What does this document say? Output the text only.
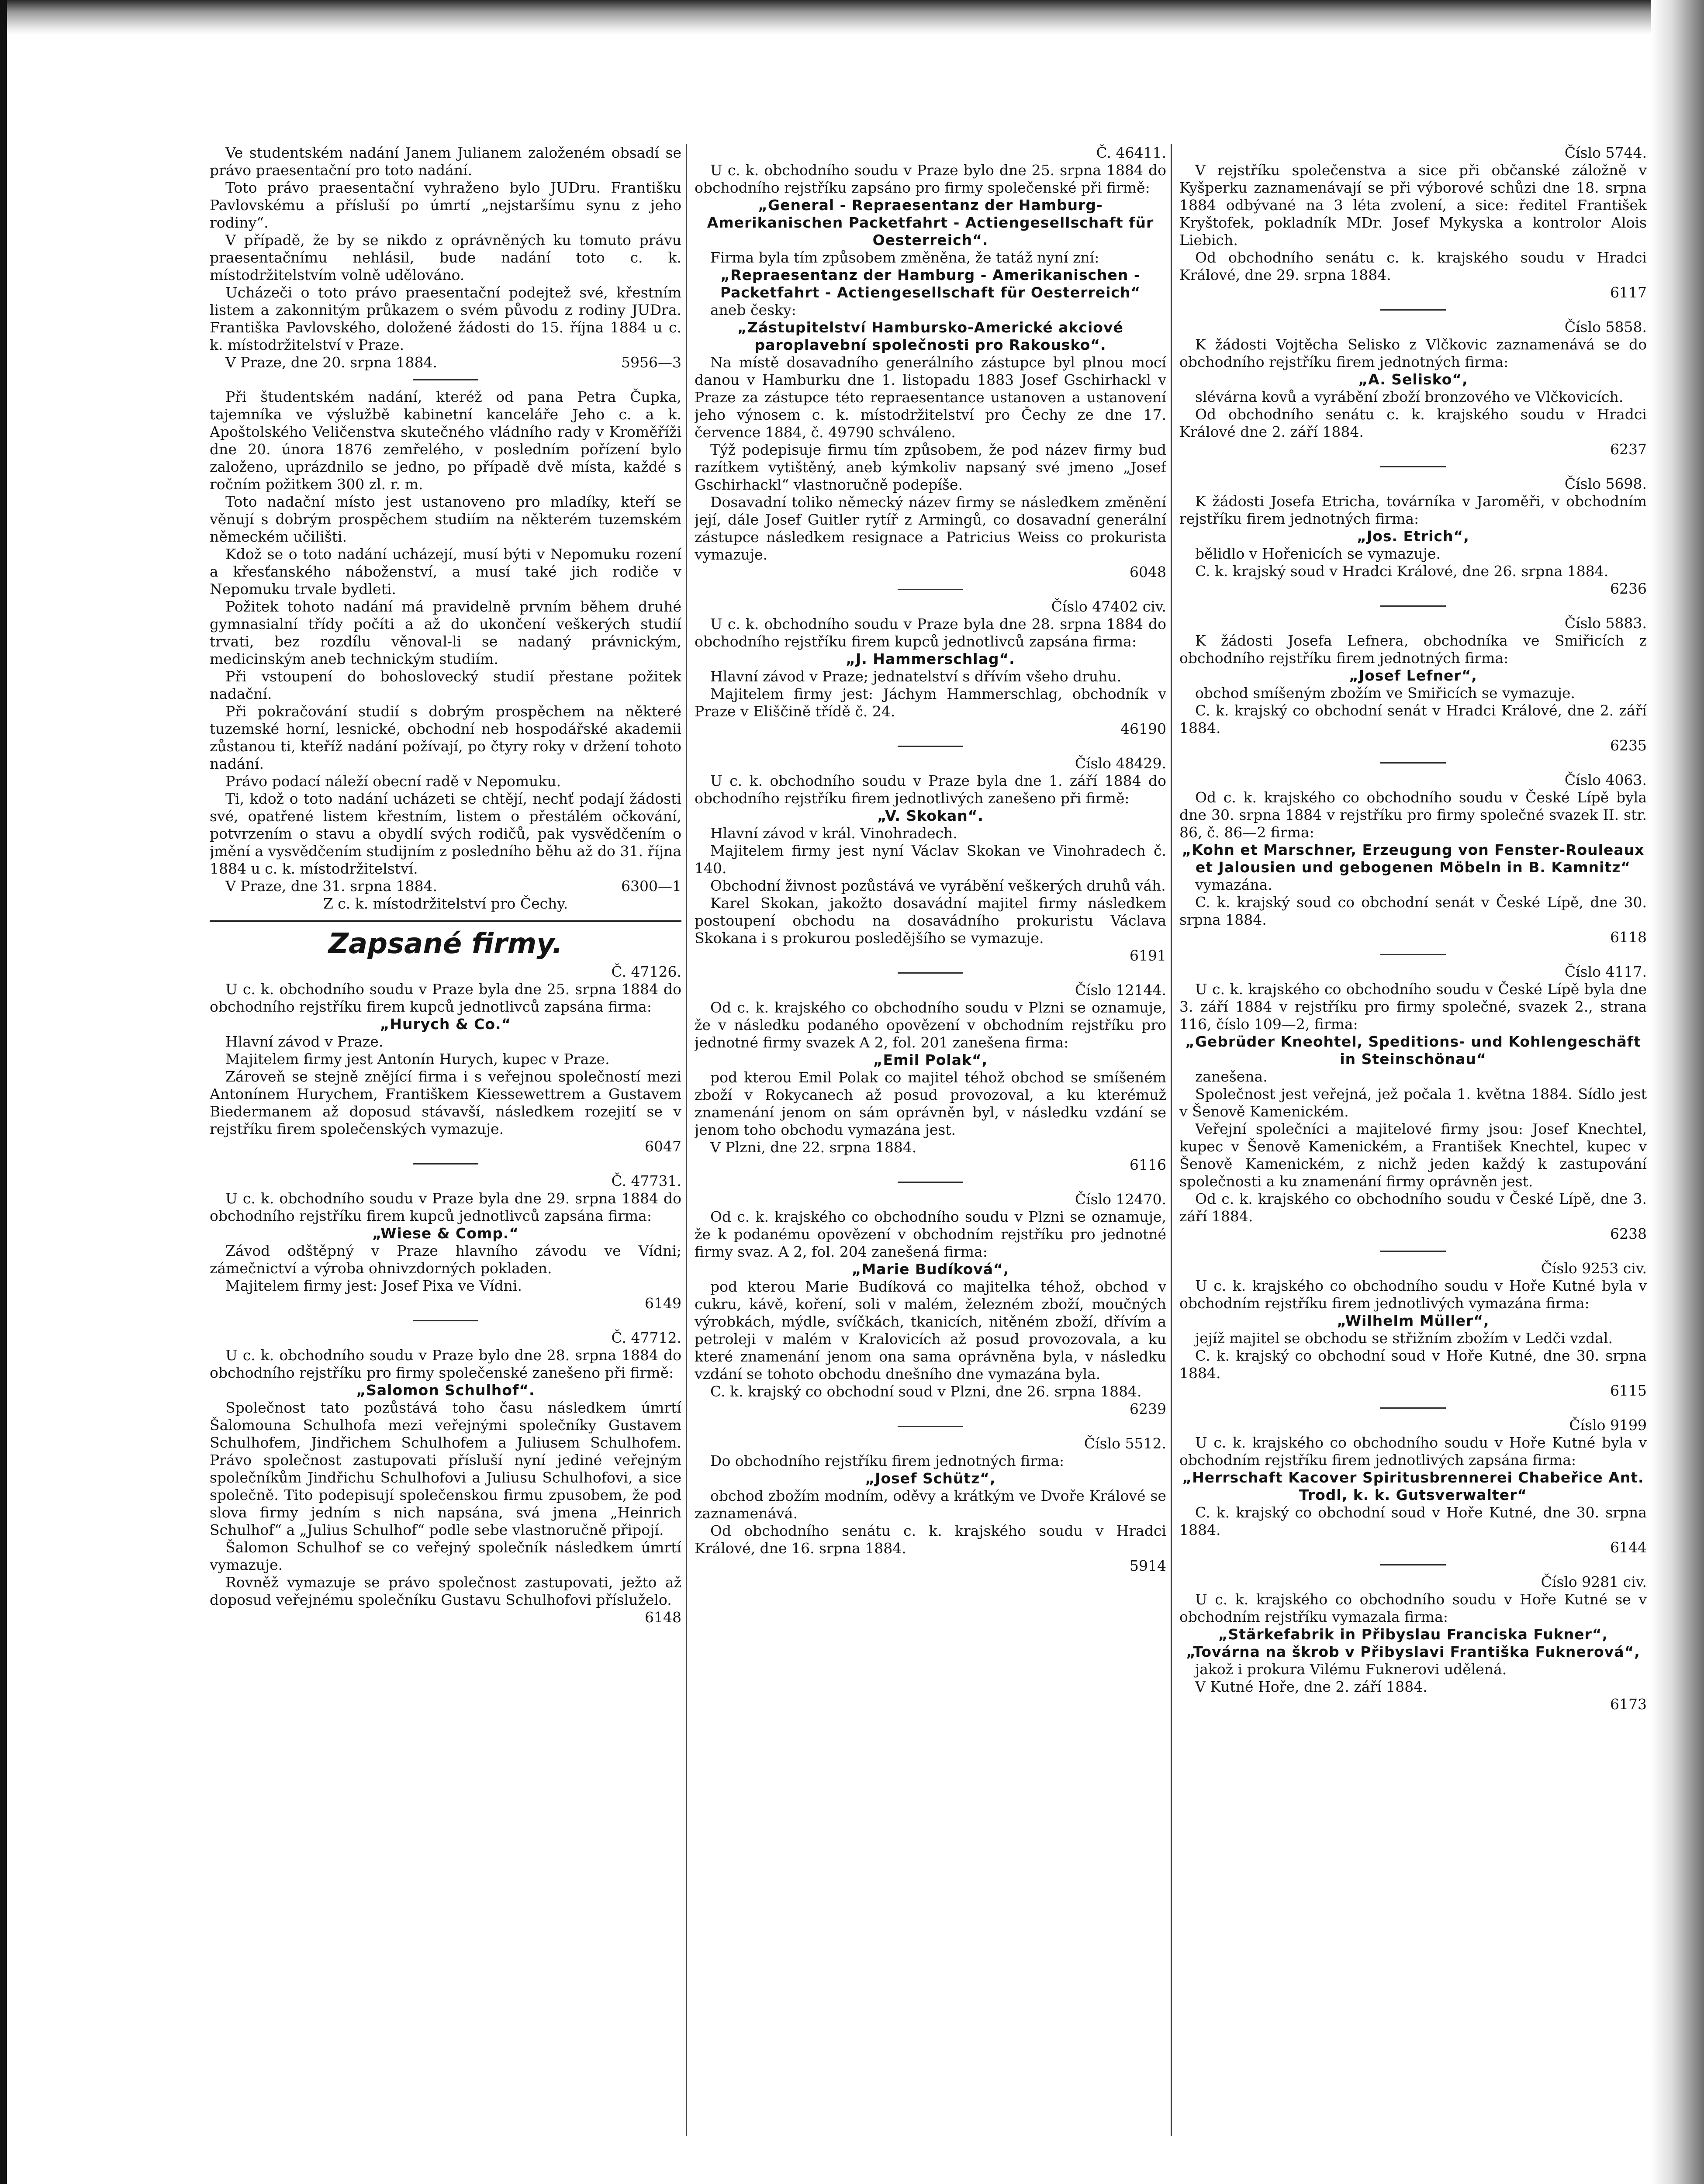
Ve studentském nadání Janem Julianem založeném obsadí se právo praesentační pro toto nadání.
Toto právo praesentační vyhraženo bylo JUDru. Františku Pavlovskému a přísluší po úmrtí „nejstaršímu synu z jeho rodiny“.
V případě, že by se nikdo z oprávněných ku tomuto právu praesentačnímu nehlásil, bude nadání toto c. k. místodržitelstvím volně udělováno.
Ucházeči o toto právo praesentační podejtež své, křestním listem a zakonnitým průkazem o svém původu z rodiny JUDra. Františka Pavlovského, doložené žádosti do 15. října 1884 u c. k. místodržitelství v Praze.
V Praze, dne 20. srpna 1884.	5956—3
Při študentském nadání, kteréž od pana Petra Čupka, tajemníka ve výslužbě kabinetní kanceláře Jeho c. a k. Apoštolského Veličenstva skutečného vládního rady v Kroměříži dne 20. února 1876 zemřelého, v posledním pořízení bylo založeno, uprázdnilo se jedno, po případě dvě místa, každé s ročním požitkem 300 zl. r. m.
Toto nadační místo jest ustanoveno pro mladíky, kteří se věnují s dobrým prospěchem studiím na některém tuzemském německém učilišti.
Kdož se o toto nadání ucházejí, musí býti v Nepomuku rození a křesťanského náboženství, a musí také jich rodiče v Nepomuku trvale bydleti.
Požitek tohoto nadání má pravidelně prvním během druhé gymnasialní třídy počíti a až do ukončení veškerých studií trvati, bez rozdílu věnoval-li se nadaný právnickým, medicinským aneb technickým studiím.
Při vstoupení do bohoslovecký studií přestane požitek nadační.
Při pokračování studií s dobrým prospěchem na některé tuzemské horní, lesnické, obchodní neb hospodářské akademii zůstanou ti, kteříž nadání požívají, po čtyry roky v držení tohoto nadání.
Právo podací náleží obecní radě v Nepomuku.
Ti, kdož o toto nadání ucházeti se chtějí, nechť podají žádosti své, opatřené listem křestním, listem o přestálém očkování, potvrzením o stavu a obydlí svých rodičů, pak vysvědčením o jmění a vysvědčením studijním z posledního běhu až do 31. října 1884 u c. k. místodržitelství.
V Praze, dne 31. srpna 1884.	6300—1
Z c. k. místodržitelství pro Čechy.
Zapsané firmy.
Č. 47126.
U c. k. obchodního soudu v Praze byla dne 25. srpna 1884 do obchodního rejstříku firem kupců jednotlivců zapsána firma:
„Hurych & Co.“
Hlavní závod v Praze.
Majitelem firmy jest Antonín Hurych, kupec v Praze.
Zároveň se stejně znějící firma i s veřejnou společností mezi Antonínem Hurychem, Františkem Kiessewettrem a Gustavem Biedermanem až doposud stávavší, následkem rozejití se v rejstříku firem společenských vymazuje.
6047
Č. 47731.
U c. k. obchodního soudu v Praze byla dne 29. srpna 1884 do obchodního rejstříku firem kupců jednotlivců zapsána firma:
„Wiese & Comp.“
Závod odštěpný v Praze hlavního závodu ve Vídni; zámečnictví a výroba ohnivzdorných pokladen.
Majitelem firmy jest: Josef Pixa ve Vídni.
6149
Č. 47712.
U c. k. obchodního soudu v Praze bylo dne 28. srpna 1884 do obchodního rejstříku pro firmy společenské zanešeno při firmě:
„Salomon Schulhof“.
Společnost tato pozůstává toho času následkem úmrtí Šalomouna Schulhofa mezi veřejnými společníky Gustavem Schulhofem, Jindřichem Schulhofem a Juliusem Schulhofem. Právo společnost zastupovati přísluší nyní jediné veřejným společníkům Jindřichu Schulhofovi a Juliusu Schulhofovi, a sice společně. Tito podepisují společenskou firmu zpusobem, že pod slova firmy jedním s nich napsána, svá jmena „Heinrich Schulhof“ a „Julius Schulhof“ podle sebe vlastnoručně připojí.
Šalomon Schulhof se co veřejný společník následkem úmrtí vymazuje.
Rovněž vymazuje se právo společnost zastupovati, ježto až doposud veřejnému společníku Gustavu Schulhofovi přísluželo.
6148
Č. 46411.
U c. k. obchodního soudu v Praze bylo dne 25. srpna 1884 do obchodního rejstříku zapsáno pro firmy společenské při firmě:
„General - Repraesentanz der Hamburg-Amerikanischen Packetfahrt - Actiengesellschaft für Oesterreich“.
Firma byla tím způsobem změněna, že tatáž nyní zní:
„Repraesentanz der Hamburg - Amerikanischen - Packetfahrt - Actiengesellschaft für Oesterreich“
aneb česky:
„Zástupitelství Hambursko-Americké akciové paroplavební společnosti pro Rakousko“.
Na místě dosavadního generálního zástupce byl plnou mocí danou v Hamburku dne 1. listopadu 1883 Josef Gschirhackl v Praze za zástupce této repraesentance ustanoven a ustanovení jeho výnosem c. k. místodržitelství pro Čechy ze dne 17. července 1884, č. 49790 schváleno.
Týž podepisuje firmu tím způsobem, že pod název firmy buď razítkem vytištěný, aneb kýmkoliv napsaný své jmeno „Josef Gschirhackl“ vlastnoručně podepíše.
Dosavadní toliko německý název firmy se následkem změnění její, dále Josef Guitler rytíř z Armingů, co dosavadní generální zástupce následkem resignace a Patricius Weiss co prokurista vymazuje.
6048
Číslo 47402 civ.
U c. k. obchodního soudu v Praze byla dne 28. srpna 1884 do obchodního rejstříku firem kupců jednotlivců zapsána firma:
„J. Hammerschlag“.
Hlavní závod v Praze; jednatelství s dřívím všeho druhu.
Majitelem firmy jest: Jáchym Hammerschlag, obchodník v Praze v Eliščině třídě č. 24.
46190
Číslo 48429.
U c. k. obchodního soudu v Praze byla dne 1. září 1884 do obchodního rejstříku firem jednotlivých zanešeno při firmě:
„V. Skokan“.
Hlavní závod v král. Vinohradech.
Majitelem firmy jest nyní Václav Skokan ve Vinohradech č. 140.
Obchodní živnost pozůstává ve vyrábění veškerých druhů váh.
Karel Skokan, jakožto dosavádní majitel firmy následkem postoupení obchodu na dosavádního prokuristu Václava Skokana i s prokurou posledějšího se vymazuje.
6191
Číslo 12144.
Od c. k. krajského co obchodního soudu v Plzni se oznamuje, že v následku podaného opovězení v obchodním rejstříku pro jednotné firmy svazek A 2, fol. 201 zanešena firma:
„Emil Polak“,
pod kterou Emil Polak co majitel téhož obchod se smíšeném zboží v Rokycanech až posud provozoval, a ku kterémuž znamenání jenom on sám oprávněn byl, v následku vzdání se jenom toho obchodu vymazána jest.
V Plzni, dne 22. srpna 1884.
6116
Číslo 12470.
Od c. k. krajského co obchodního soudu v Plzni se oznamuje, že k podanému opovězení v obchodním rejstříku pro jednotné firmy svaz. A 2, fol. 204 zanešená firma:
„Marie Budíková“,
pod kterou Marie Budíková co majitelka téhož, obchod v cukru, kávě, koření, soli v malém, železném zboží, moučných výrobkách, mýdle, svíčkách, tkanicích, nitěném zboží, dřívím a petroleji v malém v Kralovicích až posud provozovala, a ku které znamenání jenom ona sama oprávněna byla, v následku vzdání se tohoto obchodu dnešního dne vymazána byla.
C. k. krajský co obchodní soud v Plzni, dne 26. srpna 1884.
6239
Číslo 5512.
Do obchodního rejstříku firem jednotných firma:
„Josef Schütz“,
obchod zbožím modním, oděvy a krátkým ve Dvoře Králové se zaznamenává.
Od obchodního senátu c. k. krajského soudu v Hradci Králové, dne 16. srpna 1884.
5914
Číslo 5744.
V rejstříku společenstva a sice při občanské záložně v Kyšperku zaznamenávají se při výborové schůzi dne 18. srpna 1884 odbývané na 3 léta zvolení, a sice: ředitel František Kryštofek, pokladník MDr. Josef Mykyska a kontrolor Alois Liebich.
Od obchodního senátu c. k. krajského soudu v Hradci Králové, dne 29. srpna 1884.
6117
Číslo 5858.
K žádosti Vojtěcha Selisko z Vlčkovic zaznamenává se do obchodního rejstříku firem jednotných firma:
„A. Selisko“,
slévárna kovů a vyrábění zboží bronzového ve Vlčkovicích.
Od obchodního senátu c. k. krajského soudu v Hradci Králové dne 2. září 1884.
6237
Číslo 5698.
K žádosti Josefa Etricha, továrníka v Jaroměři, v obchodním rejstříku firem jednotných firma:
„Jos. Etrich“,
bělidlo v Hořenicích se vymazuje.
C. k. krajský soud v Hradci Králové, dne 26. srpna 1884.
6236
Číslo 5883.
K žádosti Josefa Lefnera, obchodníka ve Smiřicích z obchodního rejstříku firem jednotných firma:
„Josef Lefner“,
obchod smíšeným zbožím ve Smiřicích se vymazuje.
C. k. krajský co obchodní senát v Hradci Králové, dne 2. září 1884.
6235
Číslo 4063.
Od c. k. krajského co obchodního soudu v České Lípě byla dne 30. srpna 1884 v rejstříku pro firmy společné svazek II. str. 86, č. 86—2 firma:
„Kohn et Marschner, Erzeugung von Fenster-Rouleaux et Jalousien und gebogenen Möbeln in B. Kamnitz“
vymazána.
C. k. krajský soud co obchodní senát v České Lípě, dne 30. srpna 1884.
6118
Číslo 4117.
U c. k. krajského co obchodního soudu v České Lípě byla dne 3. září 1884 v rejstříku pro firmy společné, svazek 2., strana 116, číslo 109—2, firma:
„Gebrüder Kneohtel, Speditions- und Kohlengeschäft in Steinschönau“
zanešena.
Společnost jest veřejná, jež počala 1. května 1884. Sídlo jest v Šenově Kamenickém.
Veřejní společníci a majitelové firmy jsou: Josef Knechtel, kupec v Šenově Kamenickém, a František Knechtel, kupec v Šenově Kamenickém, z nichž jeden každý k zastupování společnosti a ku znamenání firmy oprávněn jest.
Od c. k. krajského co obchodního soudu v České Lípě, dne 3. září 1884.
6238
Číslo 9253 civ.
U c. k. krajského co obchodního soudu v Hoře Kutné byla v obchodním rejstříku firem jednotlivých vymazána firma:
„Wilhelm Müller“,
jejíž majitel se obchodu se střižním zbožím v Ledči vzdal.
C. k. krajský co obchodní soud v Hoře Kutné, dne 30. srpna 1884.
6115
Číslo 9199
U c. k. krajského co obchodního soudu v Hoře Kutné byla v obchodním rejstříku firem jednotlivých zapsána firma:
„Herrschaft Kacover Spiritusbrennerei Chabeřice Ant. Trodl, k. k. Gutsverwalter“
C. k. krajský co obchodní soud v Hoře Kutné, dne 30. srpna 1884.
6144
Číslo 9281 civ.
U c. k. krajského co obchodního soudu v Hoře Kutné se v obchodním rejstříku vymazala firma:
„Stärkefabrik in Přibyslau Franciska Fukner“,
„Továrna na škrob v Přibyslavi Františka Fuknerová“,
jakož i prokura Vilému Fuknerovi udělená.
V Kutné Hoře, dne 2. září 1884.
6173
